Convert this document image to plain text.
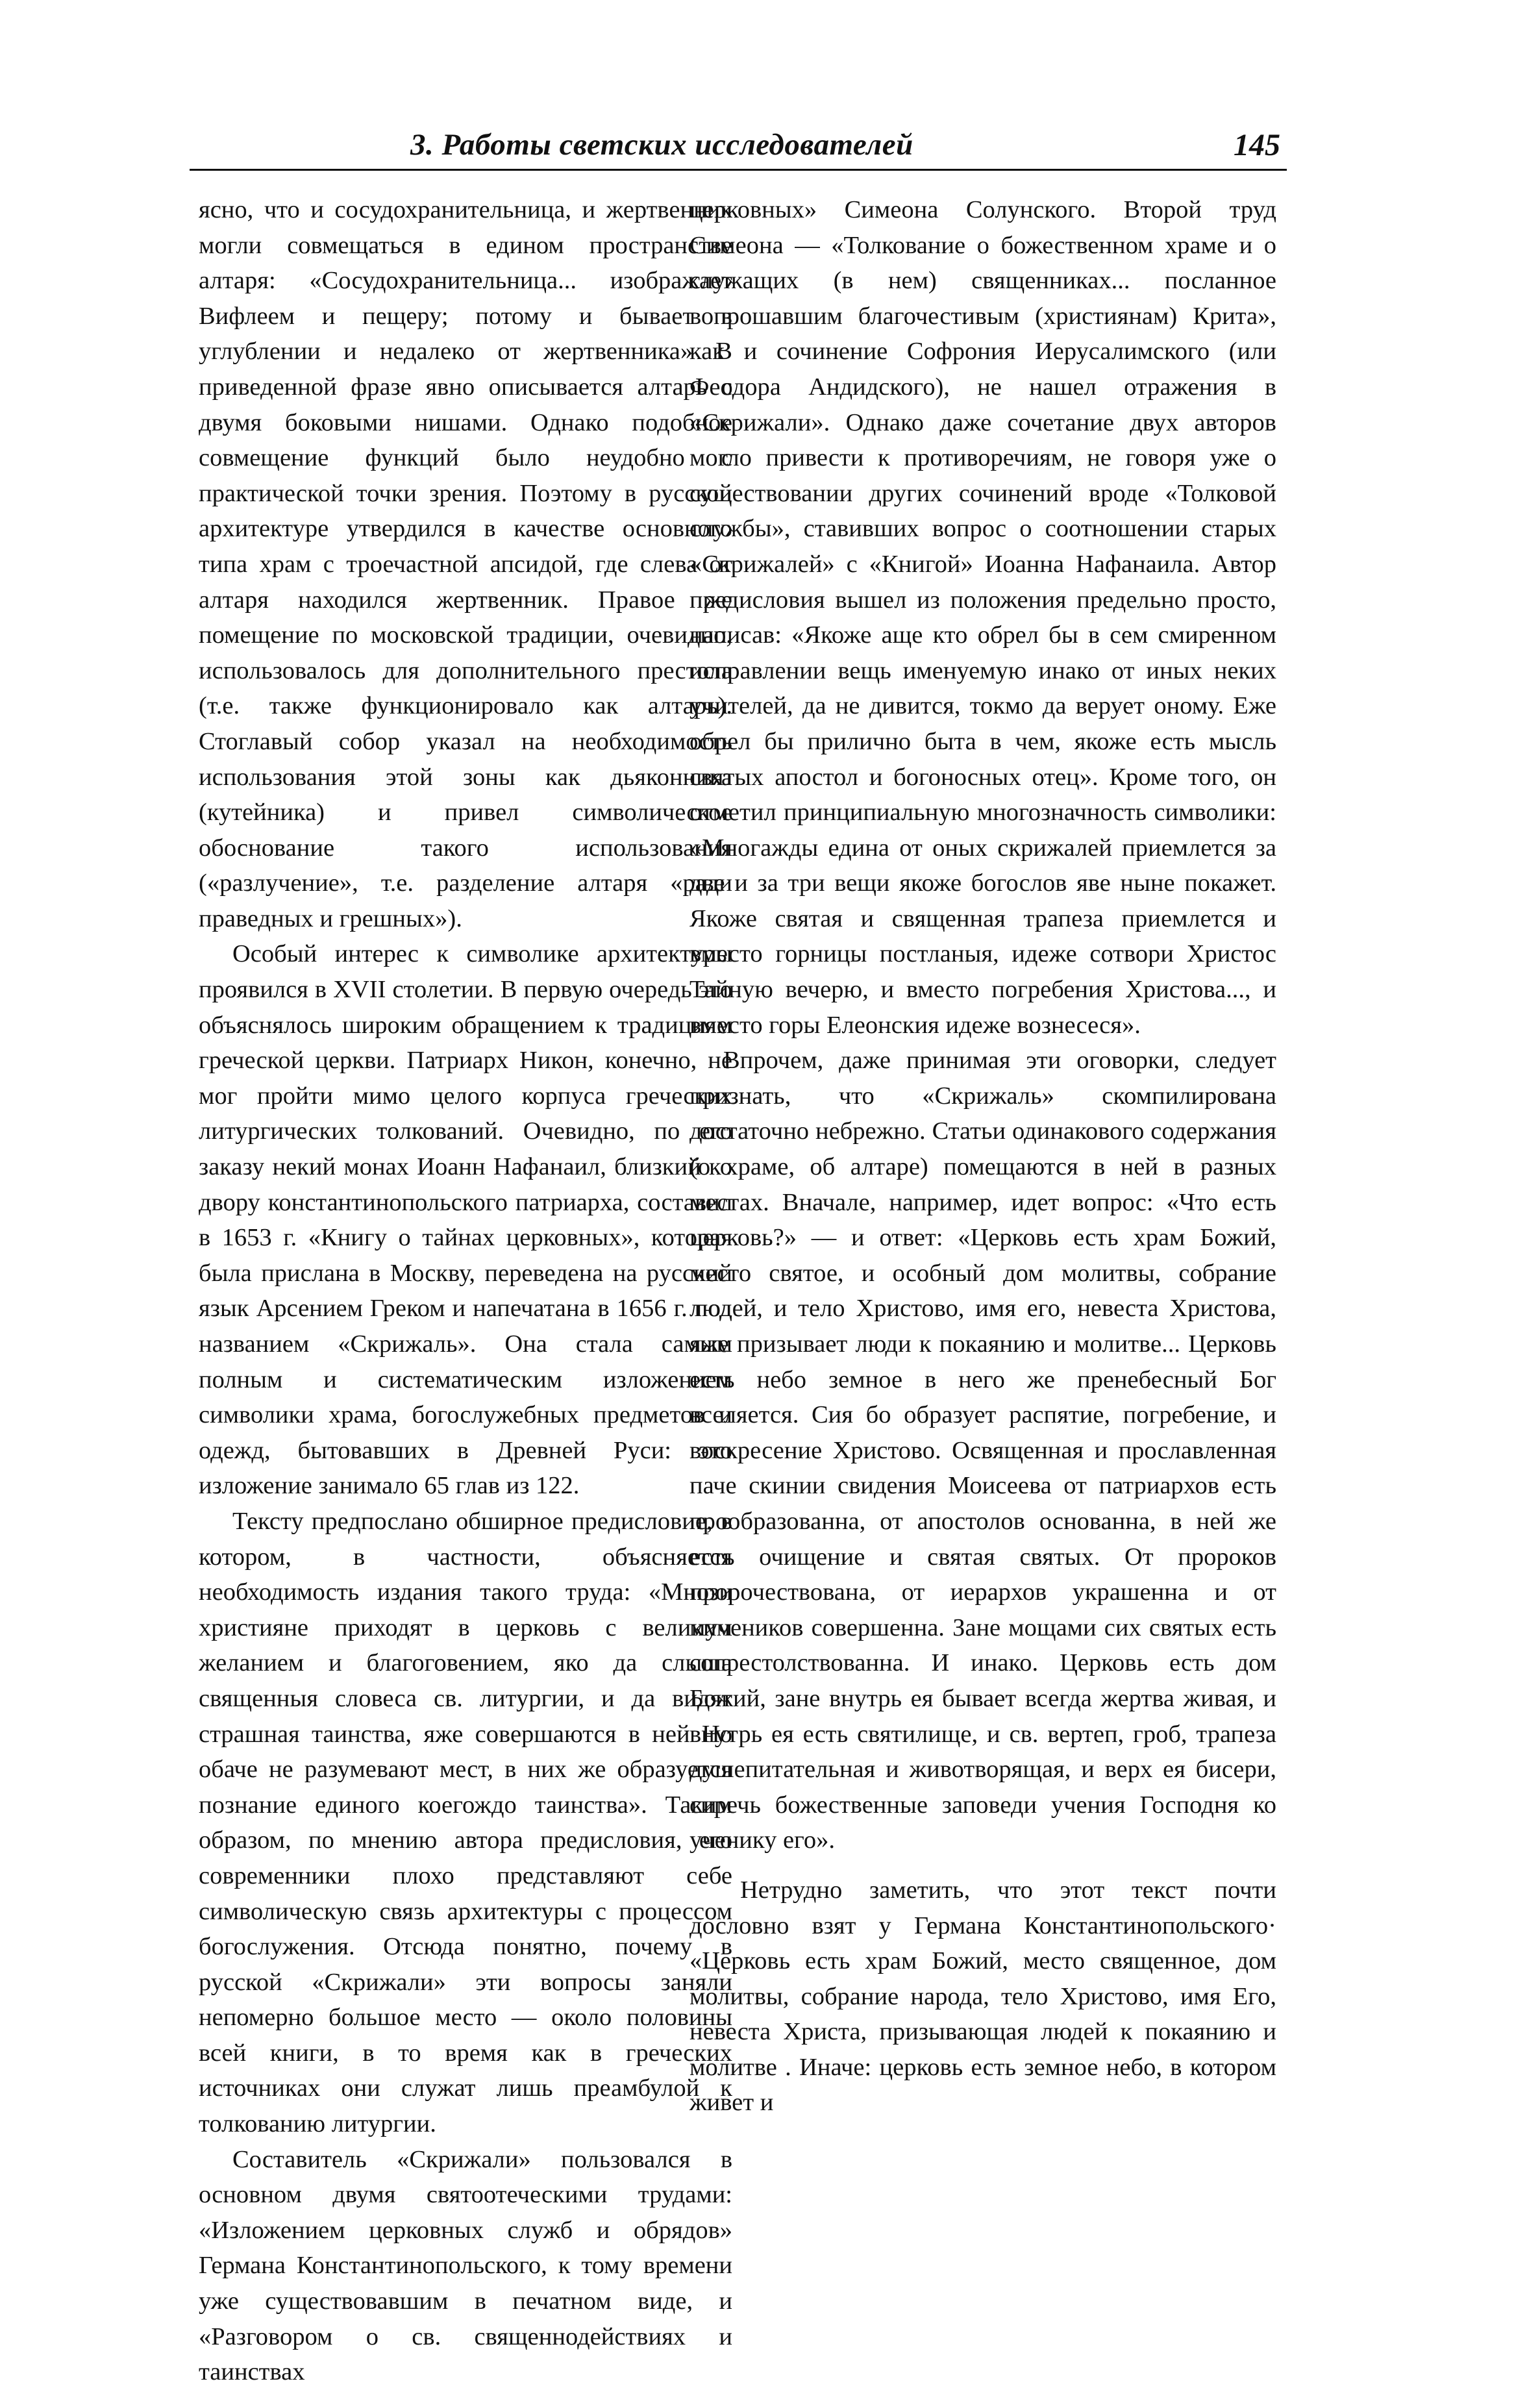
3. Работы светских исследователей	145

ясно, что и сосудохранительница, и жертвенник могли совмещаться в едином пространстве алтаря: «Сосудохранительница... изображает Вифлеем и пещеру; потому и бывает в углублении и недалеко от жертвенника» В приведенной фразе явно описывается алтарь с двумя боковыми нишами. Однако подобное совмещение функций было неудобно с практической точки зрения. Поэтому в русской архитектуре утвердился в качестве основного типа храм с троечастной апсидой, где слева от алтаря находился жертвенник. Правое же помещение по московской традиции, очевидно, использовалось для дополнительного престола (т.е. также функционировало как алтарь). Стоглавый собор указал на необходимость использования этой зоны как дьяконника (кутейника) и привел символическое обоснование такого использования («разлучение», т.е. разделение алтаря «ради праведных и грешных»).

Особый интерес к символике архитектуры проявился в XVII столетии. В первую очередь это объяснялось широким обращением к традициям греческой церкви. Патриарх Никон, конечно, не мог пройти мимо целого корпуса греческих литургических толкований. Очевидно, по его заказу некий монах Иоанн Нафанаил, близкий ко двору константинопольского патриарха, составил в 1653 г. «Книгу о тайнах церковных», которая была прислана в Москву, переведена на русский язык Арсением Греком и напечатана в 1656 г. под названием «Скрижаль». Она стала самым полным и систематическим изложением символики храма, богослужебных предметов и одежд, бытовавших в Древней Руси: это изложение занимало 65 глав из 122.

Тексту предпослано обширное предисловие, в котором, в частности, объясняется необходимость издания такого труда: «Мнози християне приходят в церковь с великим желанием и благоговением, яко да слыша священныя словеса св. литургии, и да видят страшная таинства, яже совершаются в ней Но обаче не разумевают мест, в них же образуется познание единого коегождо таинства». Таким образом, по мнению автора предисловия, его современники плохо представляют себе символическую связь архитектуры с процессом богослужения. Отсюда понятно, почему в русской «Скрижали» эти вопросы заняли непомерно большое место — около половины всей книги, в то время как в греческих источниках они служат лишь преамбулой к толкованию литургии.

Составитель «Скрижали» пользовался в основном двумя святоотеческими трудами: «Изложением церковных служб и обрядов» Германа Константинопольского, к тому времени уже существовавшим в печатном виде, и «Разговором о св. священнодействиях и таинствах

церковных» Симеона Солунского. Второй труд Симеона — «Толкование о божественном храме и о служащих (в нем) священниках... посланное вопрошавшим благочестивым (християнам) Крита», как и сочинение Софрония Иерусалимского (или Феодора Андидского), не нашел отражения в «Скрижали». Однако даже сочетание двух авторов могло привести к противоречиям, не говоря уже о существовании других сочинений вроде «Толковой службы», ставивших вопрос о соотношении старых «Скрижалей» с «Книгой» Иоанна Нафанаила. Автор предисловия вышел из положения предельно просто, написав: «Якоже аще кто обрел бы в сем смиренном исправлении вещь именуемую инако от иных неких учителей, да не дивится, токмо да верует оному. Еже обрел бы прилично быта в чем, якоже есть мысль святых апостол и богоносных отец». Кроме того, он отметил принципиальную многозначность символики: «Многажды едина от оных скрижалей приемлется за две и за три вещи якоже богослов яве ныне покажет. Якоже святая и священная трапеза приемлется и вместо горницы постланыя, идеже сотвори Христос Тайную вечерю, и вместо погребения Христова..., и вместо горы Елеонския идеже вознесеся».

Впрочем, даже принимая эти оговорки, следует признать, что «Скрижаль» скомпилирована достаточно небрежно. Статьи одинакового содержания (о храме, об алтаре) помещаются в ней в разных местах. Вначале, например, идет вопрос: «Что есть церковь?» — и ответ: «Церковь есть храм Божий, место святое, и особный дом молитвы, собрание людей, и тело Христово, имя его, невеста Христова, яже призывает люди к покаянию и молитве... Церковь есть небо земное в него же пренебесный Бог вселяется. Сия бо образует распятие, погребение, и воскресение Христово. Освященная и прославленная паче скинии свидения Моисеева от патриархов есть прообразованна, от апостолов основанна, в ней же есть очищение и святая святых. От пророков пророчествована, от иерархов украшенна и от мучеников совершенна. Зане мощами сих святых есть сопрестолствованна. И инако. Церковь есть дом Божий, зане внутрь ея бывает всегда жертва живая, и внутрь ея есть святилище, и св. вертеп, гроб, трапеза душепитательная и животворящая, и верх ея бисери, сиречь божественные заповеди учения Господня ко ученику его».

Нетрудно заметить, что этот текст почти дословно взят у Германа Константинопольского· «Церковь есть храм Божий, место священное, дом молитвы, собрание народа, тело Христово, имя Его, невеста Христа, призывающая людей к покаянию и молитве . Иначе: церковь есть земное небо, в котором живет и
